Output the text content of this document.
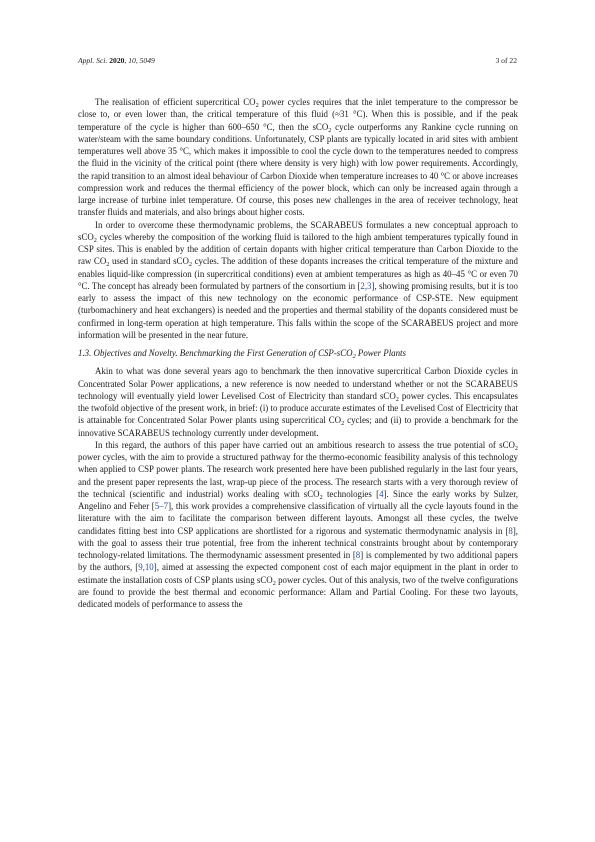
Appl. Sci. 2020, 10, 5049	3 of 22

The realisation of efficient supercritical $CO_2$ power cycles requires that the inlet temperature to the compressor be close to, or even lower than, the critical temperature of this fluid (≈31 °C). When this is possible, and if the peak temperature of the cycle is higher than 600–650 °C, then the sCO$_2$ cycle outperforms any Rankine cycle running on water/steam with the same boundary conditions. Unfortunately, CSP plants are typically located in arid sites with ambient temperatures well above 35 °C, which makes it impossible to cool the cycle down to the temperatures needed to compress the fluid in the vicinity of the critical point (there where density is very high) with low power requirements. Accordingly, the rapid transition to an almost ideal behaviour of Carbon Dioxide when temperature increases to 40 °C or above increases compression work and reduces the thermal efficiency of the power block, which can only be increased again through a large increase of turbine inlet temperature. Of course, this poses new challenges in the area of receiver technology, heat transfer fluids and materials, and also brings about higher costs.

In order to overcome these thermodynamic problems, the SCARABEUS formulates a new conceptual approach to sCO$_2$ cycles whereby the composition of the working fluid is tailored to the high ambient temperatures typically found in CSP sites. This is enabled by the addition of certain dopants with higher critical temperature than Carbon Dioxide to the raw $CO_2$ used in standard sCO$_2$ cycles. The addition of these dopants increases the critical temperature of the mixture and enables liquid-like compression (in supercritical conditions) even at ambient temperatures as high as 40–45 °C or even 70 °C. The concept has already been formulated by partners of the consortium in [2,3], showing promising results, but it is too early to assess the impact of this new technology on the economic performance of CSP-STE. New equipment (turbomachinery and heat exchangers) is needed and the properties and thermal stability of the dopants considered must be confirmed in long-term operation at high temperature. This falls within the scope of the SCARABEUS project and more information will be presented in the near future.

1.3. Objectives and Novelty. Benchmarking the First Generation of CSP-sCO$_2$ Power Plants

Akin to what was done several years ago to benchmark the then innovative supercritical Carbon Dioxide cycles in Concentrated Solar Power applications, a new reference is now needed to understand whether or not the SCARABEUS technology will eventually yield lower Levelised Cost of Electricity than standard sCO$_2$ power cycles. This encapsulates the twofold objective of the present work, in brief: (i) to produce accurate estimates of the Levelised Cost of Electricity that is attainable for Concentrated Solar Power plants using supercritical $CO_2$ cycles; and (ii) to provide a benchmark for the innovative SCARABEUS technology currently under development.

In this regard, the authors of this paper have carried out an ambitious research to assess the true potential of sCO$_2$ power cycles, with the aim to provide a structured pathway for the thermo-economic feasibility analysis of this technology when applied to CSP power plants. The research work presented here have been published regularly in the last four years, and the present paper represents the last, wrap-up piece of the process. The research starts with a very thorough review of the technical (scientific and industrial) works dealing with sCO$_2$ technologies [4]. Since the early works by Sulzer, Angelino and Feher [5–7], this work provides a comprehensive classification of virtually all the cycle layouts found in the literature with the aim to facilitate the comparison between different layouts. Amongst all these cycles, the twelve candidates fitting best into CSP applications are shortlisted for a rigorous and systematic thermodynamic analysis in [8], with the goal to assess their true potential, free from the inherent technical constraints brought about by contemporary technology-related limitations. The thermodynamic assessment presented in [8] is complemented by two additional papers by the authors, [9,10], aimed at assessing the expected component cost of each major equipment in the plant in order to estimate the installation costs of CSP plants using sCO$_2$ power cycles. Out of this analysis, two of the twelve configurations are found to provide the best thermal and economic performance: Allam and Partial Cooling. For these two layouts, dedicated models of performance to assess the
